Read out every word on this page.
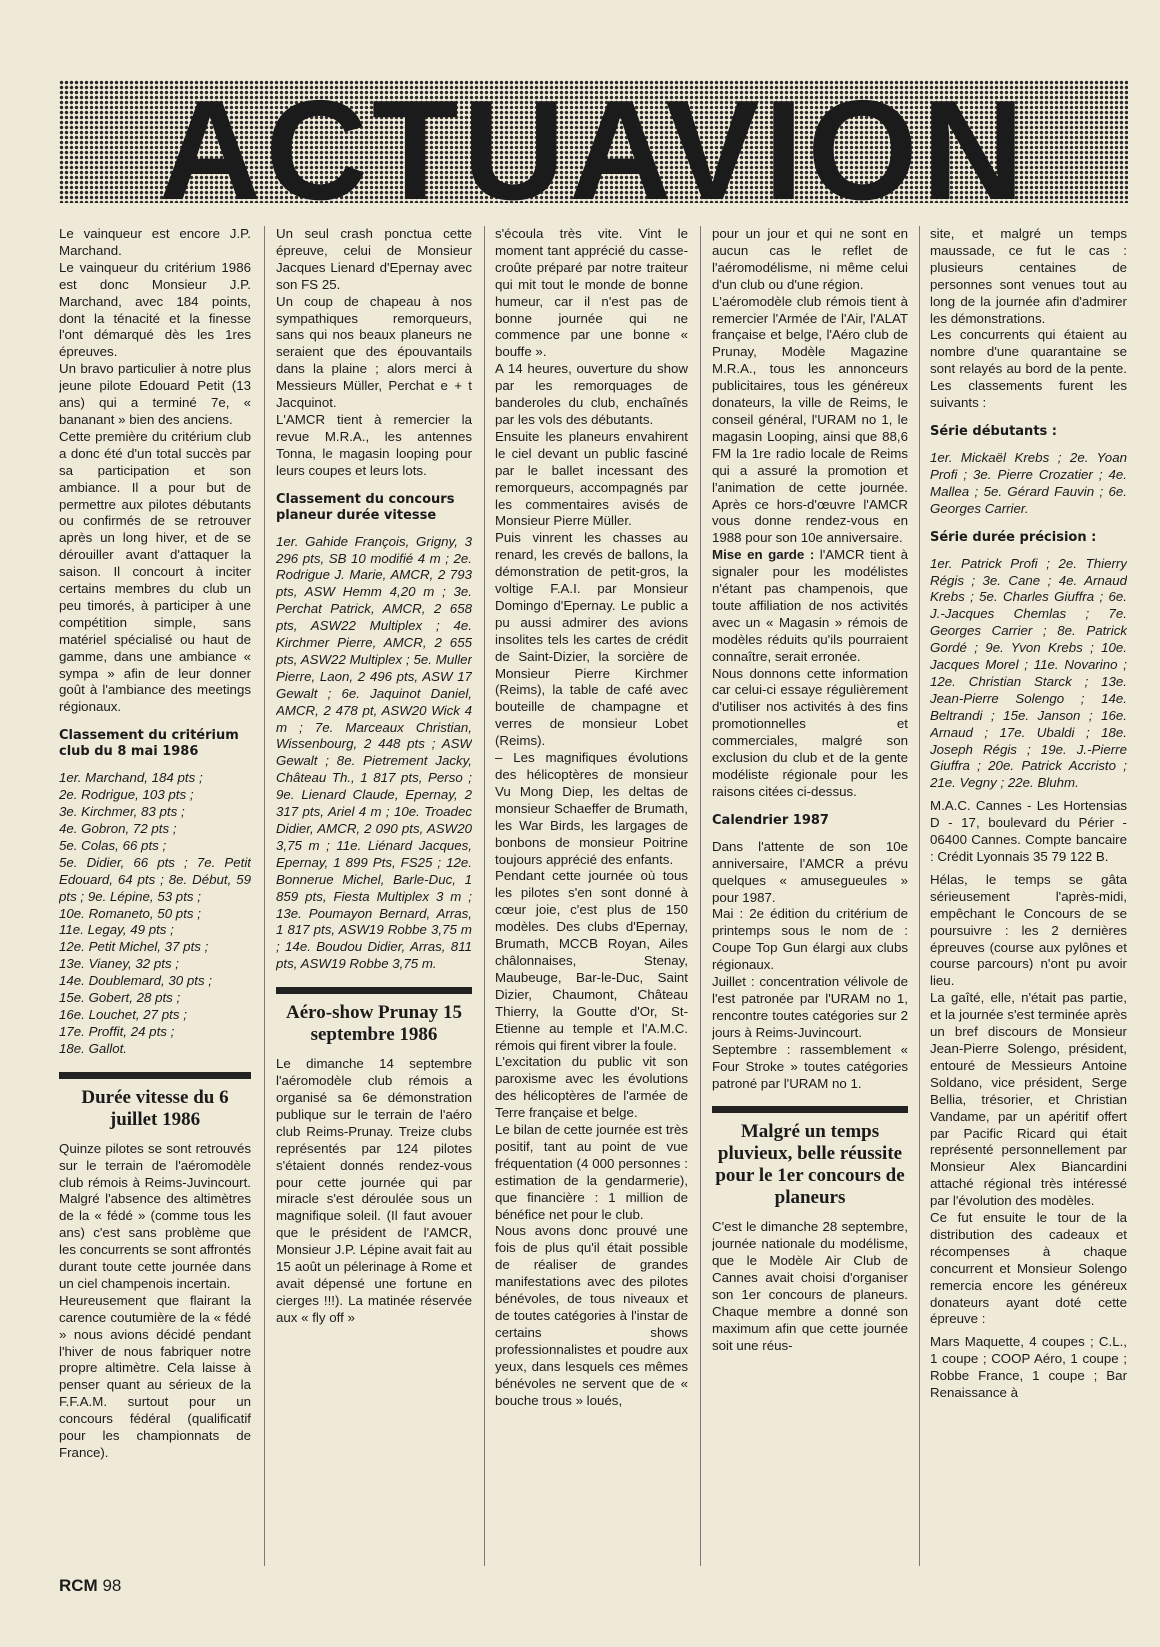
ACTUAVION

Le vainqueur est encore J.P. Marchand.

Le vainqueur du critérium 1986 est donc Monsieur J.P. Marchand, avec 184 points, dont la ténacité et la finesse l'ont démarqué dès les 1res épreuves.

Un bravo particulier à notre plus jeune pilote Edouard Petit (13 ans) qui a terminé 7e, « bananant » bien des anciens.

Cette première du critérium club a donc été d'un total succès par sa participation et son ambiance. Il a pour but de permettre aux pilotes débutants ou confirmés de se retrouver après un long hiver, et de se dérouiller avant d'attaquer la saison. Il concourt à inciter certains membres du club un peu timorés, à participer à une compétition simple, sans matériel spécialisé ou haut de gamme, dans une ambiance « sympa » afin de leur donner goût à l'ambiance des meetings régionaux.

Classement du critérium club du 8 mai 1986

1er. Marchand, 184 pts ;

2e. Rodrigue, 103 pts ;

3e. Kirchmer, 83 pts ;

4e. Gobron, 72 pts ;

5e. Colas, 66 pts ;

5e. Didier, 66 pts ; 7e. Petit Edouard, 64 pts ; 8e. Début, 59 pts ; 9e. Lépine, 53 pts ;

10e. Romaneto, 50 pts ;

11e. Legay, 49 pts ;

12e. Petit Michel, 37 pts ;

13e. Vianey, 32 pts ;

14e. Doublemard, 30 pts ;

15e. Gobert, 28 pts ;

16e. Louchet, 27 pts ;

17e. Proffit, 24 pts ;

18e. Gallot.

Durée vitesse du 6 juillet 1986

Quinze pilotes se sont retrouvés sur le terrain de l'aéromodèle club rémois à Reims-Juvincourt. Malgré l'absence des altimètres de la « fédé » (comme tous les ans) c'est sans problème que les concurrents se sont affrontés durant toute cette journée dans un ciel champenois incertain.

Heureusement que flairant la carence coutumière de la « fédé » nous avions décidé pendant l'hiver de nous fabriquer notre propre altimètre. Cela laisse à penser quant au sérieux de la F.F.A.M. surtout pour un concours fédéral (qualificatif pour les championnats de France).

Un seul crash ponctua cette épreuve, celui de Monsieur Jacques Lienard d'Epernay avec son FS 25.

Un coup de chapeau à nos sympathiques remorqueurs, sans qui nos beaux planeurs ne seraient que des épouvantails dans la plaine ; alors merci à Messieurs Müller, Perchat e + t Jacquinot.

L'AMCR tient à remercier la revue M.R.A., les antennes Tonna, le magasin looping pour leurs coupes et leurs lots.

Classement du concours planeur durée vitesse

1er. Gahide François, Grigny, 3 296 pts, SB 10 modifié 4 m ; 2e. Rodrigue J. Marie, AMCR, 2 793 pts, ASW Hemm 4,20 m ; 3e. Perchat Patrick, AMCR, 2 658 pts, ASW22 Multiplex ; 4e. Kirchmer Pierre, AMCR, 2 655 pts, ASW22 Multiplex ; 5e. Muller Pierre, Laon, 2 496 pts, ASW 17 Gewalt ; 6e. Jaquinot Daniel, AMCR, 2 478 pt, ASW20 Wick 4 m ; 7e. Marceaux Christian, Wissenbourg, 2 448 pts ; ASW Gewalt ; 8e. Pietrement Jacky, Château Th., 1 817 pts, Perso ; 9e. Lienard Claude, Epernay, 2 317 pts, Ariel 4 m ; 10e. Troadec Didier, AMCR, 2 090 pts, ASW20 3,75 m ; 11e. Liénard Jacques, Epernay, 1 899 Pts, FS25 ; 12e. Bonnerue Michel, Barle-Duc, 1 859 pts, Fiesta Multiplex 3 m ; 13e. Poumayon Bernard, Arras, 1 817 pts, ASW19 Robbe 3,75 m ; 14e. Boudou Didier, Arras, 811 pts, ASW19 Robbe 3,75 m.

Aéro-show Prunay 15 septembre 1986

Le dimanche 14 septembre l'aéromodèle club rémois a organisé sa 6e démonstration publique sur le terrain de l'aéro club Reims-Prunay. Treize clubs représentés par 124 pilotes s'étaient donnés rendez-vous pour cette journée qui par miracle s'est déroulée sous un magnifique soleil. (Il faut avouer que le président de l'AMCR, Monsieur J.P. Lépine avait fait au 15 août un pélerinage à Rome et avait dépensé une fortune en cierges !!!). La matinée réservée aux « fly off »

s'écoula très vite. Vint le moment tant apprécié du casse-croûte préparé par notre traiteur qui mit tout le monde de bonne humeur, car il n'est pas de bonne journée qui ne commence par une bonne « bouffe ».

A 14 heures, ouverture du show par les remorquages de banderoles du club, enchaînés par les vols des débutants.

Ensuite les planeurs envahirent le ciel devant un public fasciné par le ballet incessant des remorqueurs, accompagnés par les commentaires avisés de Monsieur Pierre Müller.

Puis vinrent les chasses au renard, les crevés de ballons, la démonstration de petit-gros, la voltige F.A.I. par Monsieur Domingo d'Epernay. Le public a pu aussi admirer des avions insolites tels les cartes de crédit de Saint-Dizier, la sorcière de Monsieur Pierre Kirchmer (Reims), la table de café avec bouteille de champagne et verres de monsieur Lobet (Reims).

– Les magnifiques évolutions des hélicoptères de monsieur Vu Mong Diep, les deltas de monsieur Schaeffer de Brumath, les War Birds, les largages de bonbons de monsieur Poitrine toujours apprécié des enfants.

Pendant cette journée où tous les pilotes s'en sont donné à cœur joie, c'est plus de 150 modèles. Des clubs d'Epernay, Brumath, MCCB Royan, Ailes châlonnaises, Stenay, Maubeuge, Bar-le-Duc, Saint Dizier, Chaumont, Château Thierry, la Goutte d'Or, St-Etienne au temple et l'A.M.C. rémois qui firent vibrer la foule.

L'excitation du public vit son paroxisme avec les évolutions des hélicoptères de l'armée de Terre française et belge.

Le bilan de cette journée est très positif, tant au point de vue fréquentation (4 000 personnes : estimation de la gendarmerie), que financière : 1 million de bénéfice net pour le club.

Nous avons donc prouvé une fois de plus qu'il était possible de réaliser de grandes manifestations avec des pilotes bénévoles, de tous niveaux et de toutes catégories à l'instar de certains shows professionnalistes et poudre aux yeux, dans lesquels ces mêmes bénévoles ne servent que de « bouche trous » loués,

pour un jour et qui ne sont en aucun cas le reflet de l'aéromodélisme, ni même celui d'un club ou d'une région.

L'aéromodèle club rémois tient à remercier l'Armée de l'Air, l'ALAT française et belge, l'Aéro club de Prunay, Modèle Magazine M.R.A., tous les annonceurs publicitaires, tous les généreux donateurs, la ville de Reims, le conseil général, l'URAM no 1, le magasin Looping, ainsi que 88,6 FM la 1re radio locale de Reims qui a assuré la promotion et l'animation de cette journée. Après ce hors-d'œuvre l'AMCR vous donne rendez-vous en 1988 pour son 10e anniversaire.

Mise en garde : l'AMCR tient à signaler pour les modélistes n'étant pas champenois, que toute affiliation de nos activités avec un « Magasin » rémois de modèles réduits qu'ils pourraient connaître, serait erronée.

Nous donnons cette information car celui-ci essaye régulièrement d'utiliser nos activités à des fins promotionnelles et commerciales, malgré son exclusion du club et de la gente modéliste régionale pour les raisons citées ci-dessus.

Calendrier 1987

Dans l'attente de son 10e anniversaire, l'AMCR a prévu quelques « amusegueules » pour 1987.

Mai : 2e édition du critérium de printemps sous le nom de : Coupe Top Gun élargi aux clubs régionaux.

Juillet : concentration vélivole de l'est patronée par l'URAM no 1, rencontre toutes catégories sur 2 jours à Reims-Juvincourt.

Septembre : rassemblement « Four Stroke » toutes catégories patroné par l'URAM no 1.

Malgré un temps pluvieux, belle réussite pour le 1er concours de planeurs

C'est le dimanche 28 septembre, journée nationale du modélisme, que le Modèle Air Club de Cannes avait choisi d'organiser son 1er concours de planeurs. Chaque membre a donné son maximum afin que cette journée soit une réus-

site, et malgré un temps maussade, ce fut le cas : plusieurs centaines de personnes sont venues tout au long de la journée afin d'admirer les démonstrations.

Les concurrents qui étaient au nombre d'une quarantaine se sont relayés au bord de la pente. Les classements furent les suivants :

Série débutants :

1er. Mickaël Krebs ; 2e. Yoan Profi ; 3e. Pierre Crozatier ; 4e. Mallea ; 5e. Gérard Fauvin ; 6e. Georges Carrier.

Série durée précision :

1er. Patrick Profi ; 2e. Thierry Régis ; 3e. Cane ; 4e. Arnaud Krebs ; 5e. Charles Giuffra ; 6e. J.-Jacques Chemlas ; 7e. Georges Carrier ; 8e. Patrick Gordé ; 9e. Yvon Krebs ; 10e. Jacques Morel ; 11e. Novarino ; 12e. Christian Starck ; 13e. Jean-Pierre Solengo ; 14e. Beltrandi ; 15e. Janson ; 16e. Arnaud ; 17e. Ubaldi ; 18e. Joseph Régis ; 19e. J.-Pierre Giuffra ; 20e. Patrick Accristo ; 21e. Vegny ; 22e. Bluhm.

M.A.C. Cannes - Les Hortensias D - 17, boulevard du Périer - 06400 Cannes. Compte bancaire : Crédit Lyonnais 35 79 122 B.

Hélas, le temps se gâta sérieusement l'après-midi, empêchant le Concours de se poursuivre : les 2 dernières épreuves (course aux pylônes et course parcours) n'ont pu avoir lieu.

La gaîté, elle, n'était pas partie, et la journée s'est terminée après un bref discours de Monsieur Jean-Pierre Solengo, président, entouré de Messieurs Antoine Soldano, vice président, Serge Bellia, trésorier, et Christian Vandame, par un apéritif offert par Pacific Ricard qui était représenté personnellement par Monsieur Alex Biancardini attaché régional très intéressé par l'évolution des modèles.

Ce fut ensuite le tour de la distribution des cadeaux et récompenses à chaque concurrent et Monsieur Solengo remercia encore les généreux donateurs ayant doté cette épreuve :

Mars Maquette, 4 coupes ; C.L., 1 coupe ; COOP Aéro, 1 coupe ; Robbe France, 1 coupe ; Bar Renaissance à

RCM 98
